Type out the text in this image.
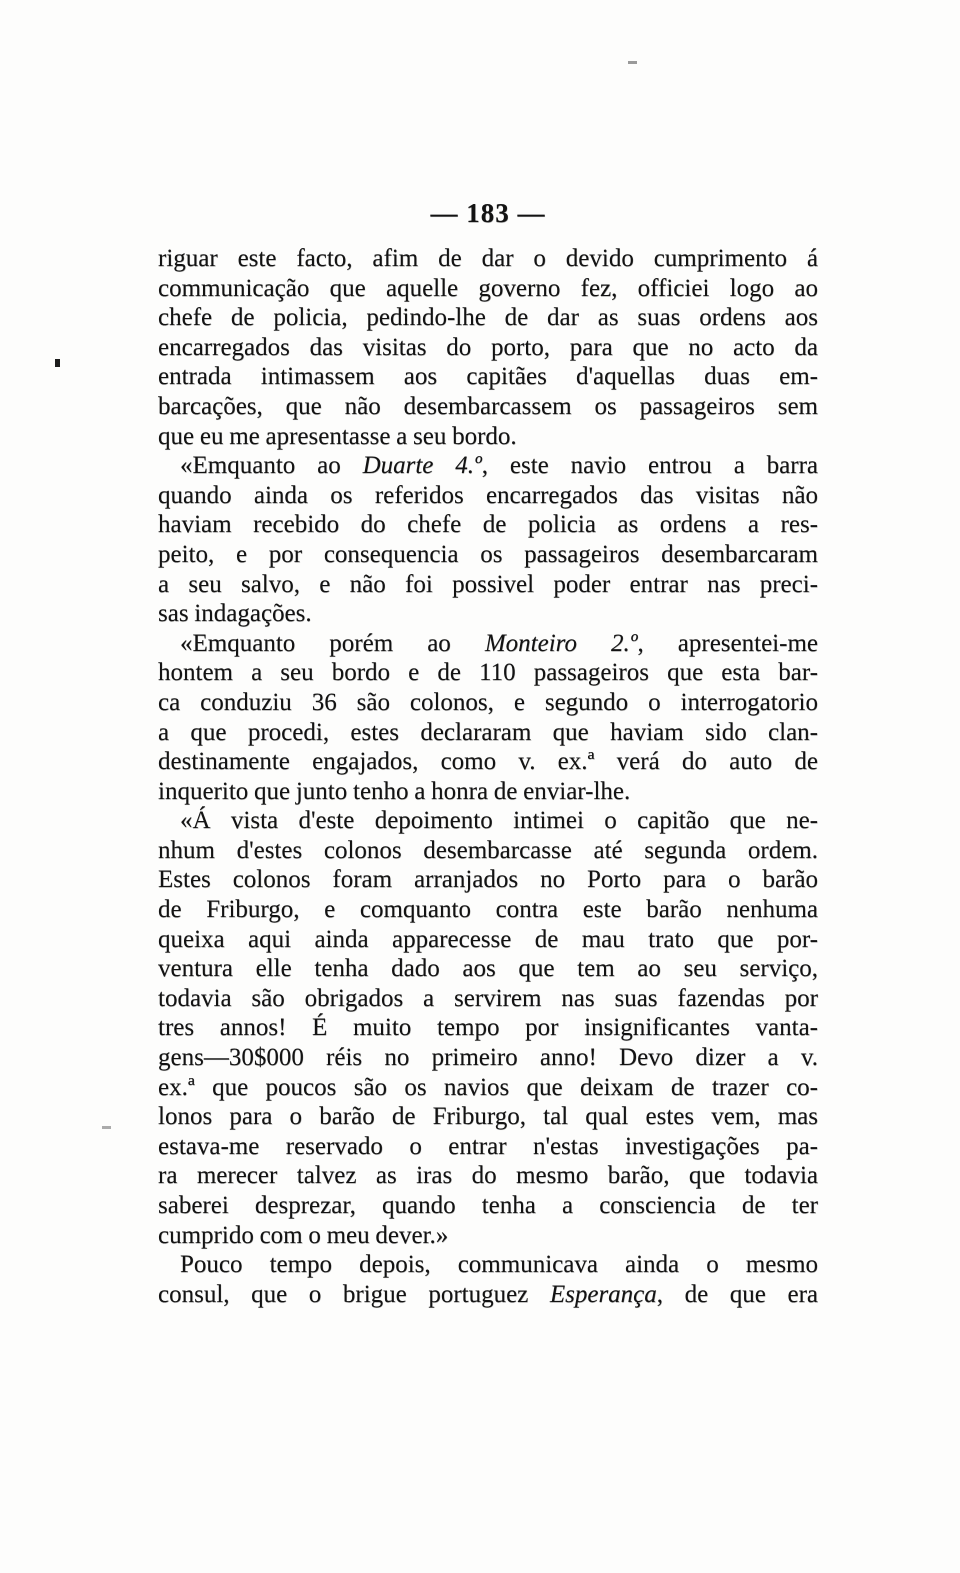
— 183 —
riguar este facto, afim de dar o devido cumprimento á
communicação que aquelle governo fez, officiei logo ao
chefe de policia, pedindo-lhe de dar as suas ordens aos
encarregados das visitas do porto, para que no acto da
entrada intimassem aos capitães d'aquellas duas em-
barcações, que não desembarcassem os passageiros sem
que eu me apresentasse a seu bordo.
«Emquanto ao Duarte 4.º, este navio entrou a barra
quando ainda os referidos encarregados das visitas não
haviam recebido do chefe de policia as ordens a res-
peito, e por consequencia os passageiros desembarcaram
a seu salvo, e não foi possivel poder entrar nas preci-
sas indagações.
«Emquanto porém ao Monteiro 2.º, apresentei-me
hontem a seu bordo e de 110 passageiros que esta bar-
ca conduziu 36 são colonos, e segundo o interrogatorio
a que procedi, estes declararam que haviam sido clan-
destinamente engajados, como v. ex.ª verá do auto de
inquerito que junto tenho a honra de enviar-lhe.
«Á vista d'este depoimento intimei o capitão que ne-
nhum d'estes colonos desembarcasse até segunda ordem.
Estes colonos foram arranjados no Porto para o barão
de Friburgo, e comquanto contra este barão nenhuma
queixa aqui ainda apparecesse de mau trato que por-
ventura elle tenha dado aos que tem ao seu serviço,
todavia são obrigados a servirem nas suas fazendas por
tres annos! É muito tempo por insignificantes vanta-
gens—30$000 réis no primeiro anno! Devo dizer a v.
ex.ª que poucos são os navios que deixam de trazer co-
lonos para o barão de Friburgo, tal qual estes vem, mas
estava-me reservado o entrar n'estas investigações pa-
ra merecer talvez as iras do mesmo barão, que todavia
saberei desprezar, quando tenha a consciencia de ter
cumprido com o meu dever.»
Pouco tempo depois, communicava ainda o mesmo
consul, que o brigue portuguez Esperança, de que era
